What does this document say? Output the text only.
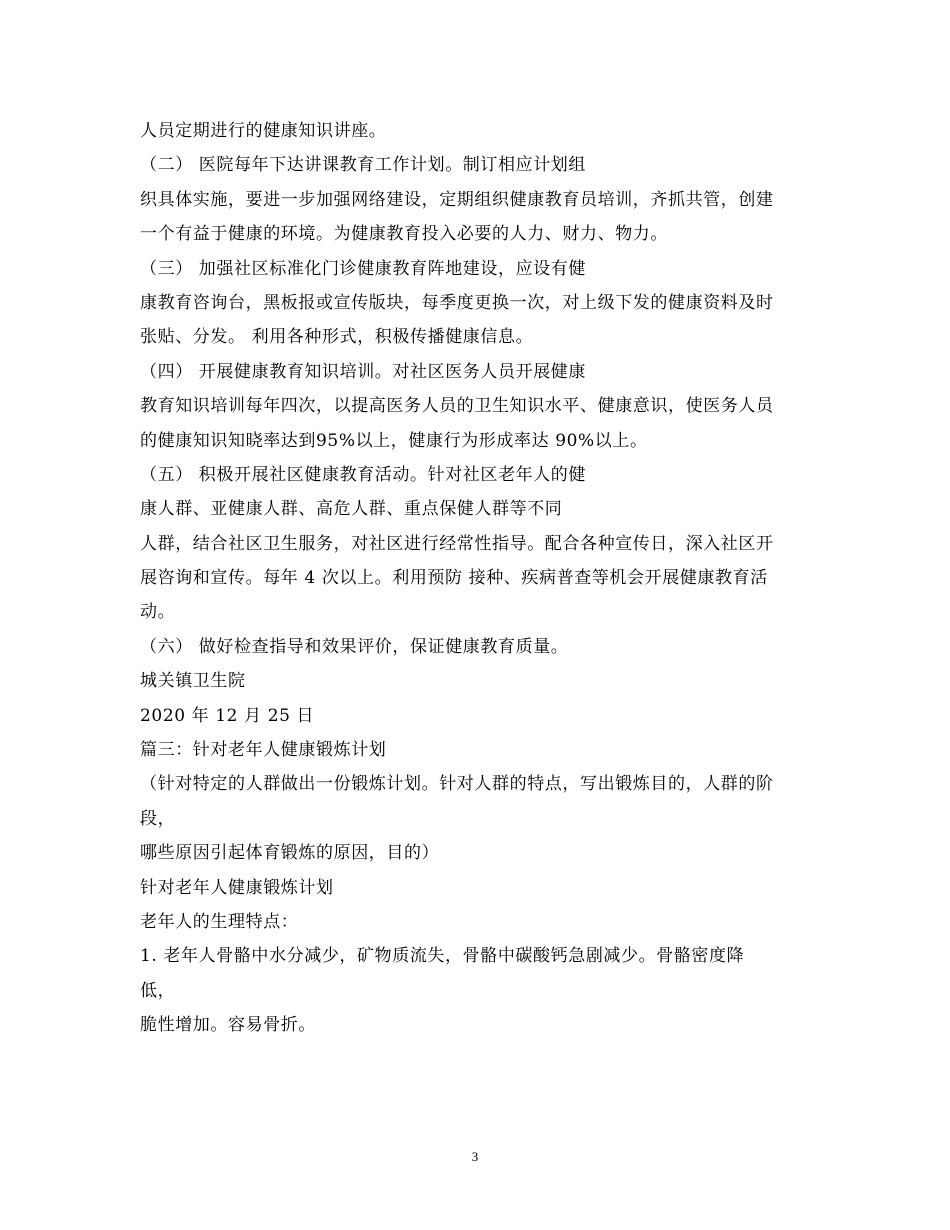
人员定期进行的健康知识讲座。
（二） 医院每年下达讲课教育工作计划。制订相应计划组
织具体实施，要进一步加强网络建设，定期组织健康教育员培训，齐抓共管，创建
一个有益于健康的环境。为健康教育投入必要的人力、财力、物力。
（三） 加强社区标准化门诊健康教育阵地建设，应设有健
康教育咨询台，黑板报或宣传版块，每季度更换一次，对上级下发的健康资料及时
张贴、分发。 利用各种形式，积极传播健康信息。
（四） 开展健康教育知识培训。对社区医务人员开展健康
教育知识培训每年四次，以提高医务人员的卫生知识水平、健康意识，使医务人员
的健康知识知晓率达到95%以上，健康行为形成率达 90%以上。
（五） 积极开展社区健康教育活动。针对社区老年人的健
康人群、亚健康人群、高危人群、重点保健人群等不同
人群，结合社区卫生服务，对社区进行经常性指导。配合各种宣传日，深入社区开
展咨询和宣传。每年 4 次以上。利用预防 接种、疾病普查等机会开展健康教育活
动。
（六） 做好检查指导和效果评价，保证健康教育质量。
城关镇卫生院
2020 年 12 月 25 日
篇三：针对老年人健康锻炼计划
（针对特定的人群做出一份锻炼计划。针对人群的特点，写出锻炼目的，人群的阶
段，
哪些原因引起体育锻炼的原因，目的）
针对老年人健康锻炼计划
老年人的生理特点：
1. 老年人骨骼中水分减少，矿物质流失，骨骼中碳酸钙急剧减少。骨骼密度降
低，
脆性增加。容易骨折。
3
